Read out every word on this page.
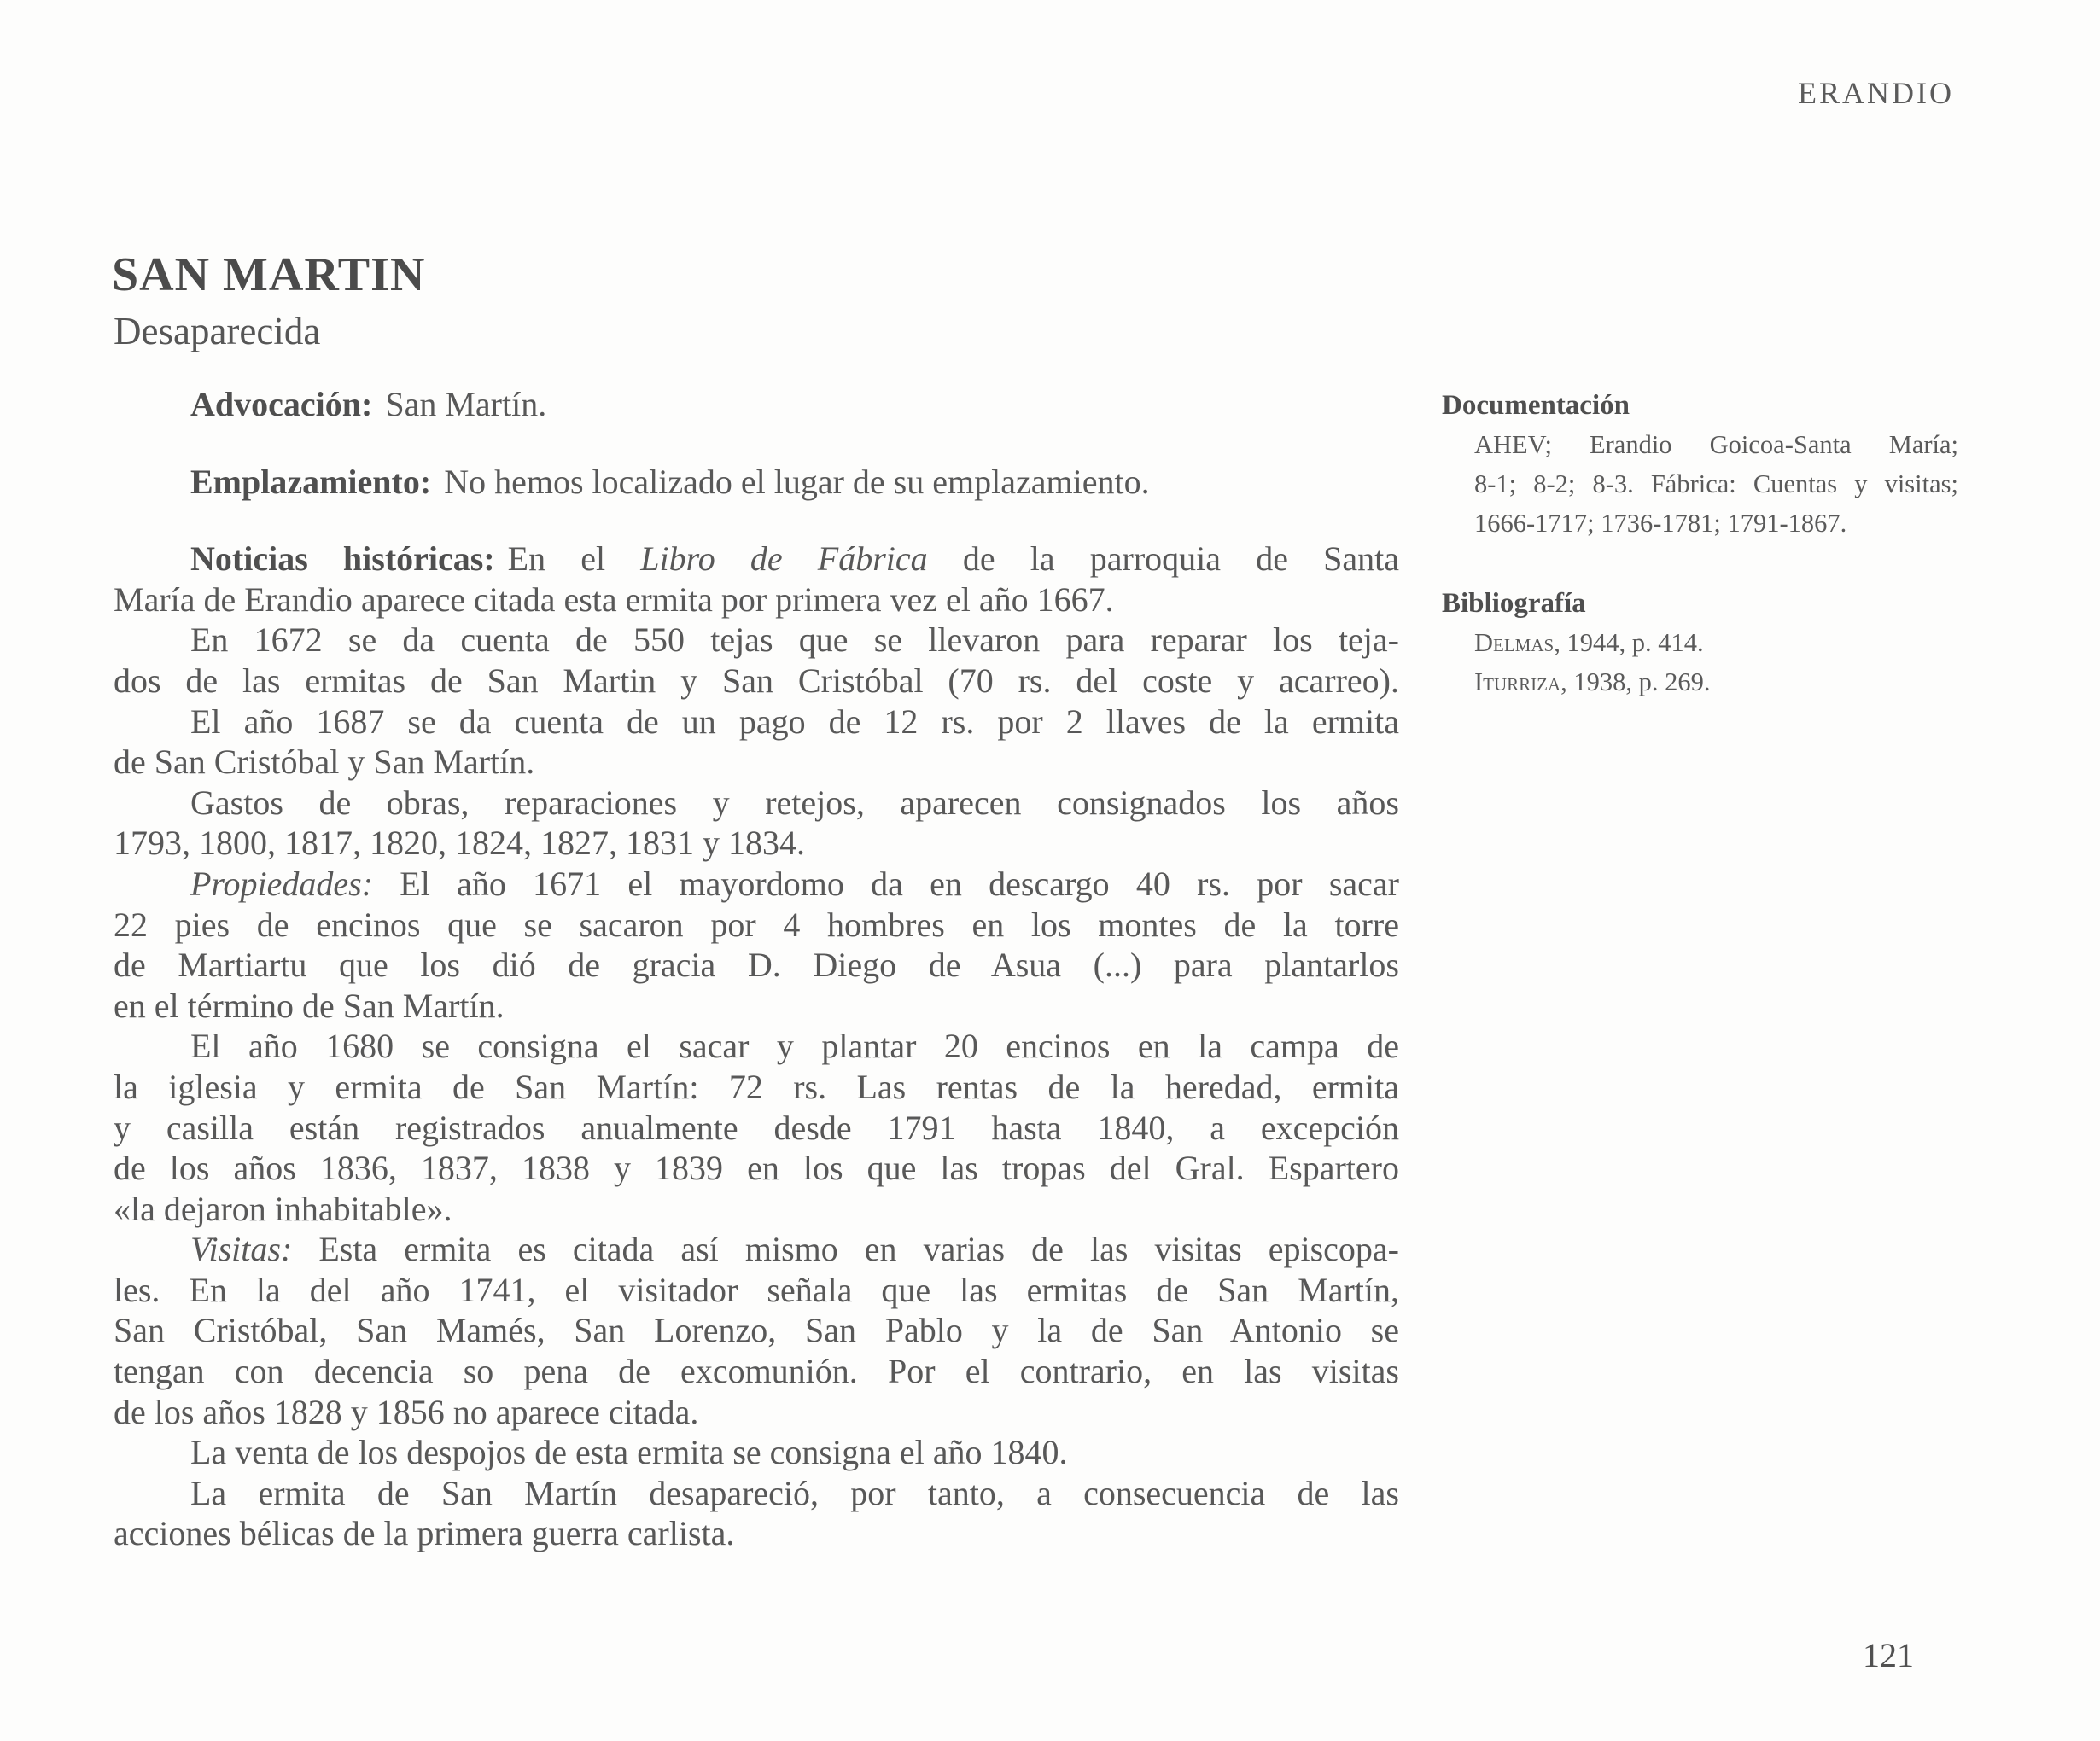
ERANDIO
SAN MARTIN
Desaparecida
Advocación: San Martín.
Emplazamiento: No hemos localizado el lugar de su emplazamiento.
Noticias históricas: En el Libro de Fábrica de la parroquia de Santa
María de Erandio aparece citada esta ermita por primera vez el año 1667.
En 1672 se da cuenta de 550 tejas que se llevaron para reparar los teja-
dos de las ermitas de San Martin y San Cristóbal (70 rs. del coste y acarreo).
El año 1687 se da cuenta de un pago de 12 rs. por 2 llaves de la ermita
de San Cristóbal y San Martín.
Gastos de obras, reparaciones y retejos, aparecen consignados los años
1793, 1800, 1817, 1820, 1824, 1827, 1831 y 1834.
Propiedades: El año 1671 el mayordomo da en descargo 40 rs. por sacar
22 pies de encinos que se sacaron por 4 hombres en los montes de la torre
de Martiartu que los dió de gracia D. Diego de Asua (...) para plantarlos
en el término de San Martín.
El año 1680 se consigna el sacar y plantar 20 encinos en la campa de
la iglesia y ermita de San Martín: 72 rs. Las rentas de la heredad, ermita
y casilla están registrados anualmente desde 1791 hasta 1840, a excepción
de los años 1836, 1837, 1838 y 1839 en los que las tropas del Gral. Espartero
«la dejaron inhabitable».
Visitas: Esta ermita es citada así mismo en varias de las visitas episcopa-
les. En la del año 1741, el visitador señala que las ermitas de San Martín,
San Cristóbal, San Mamés, San Lorenzo, San Pablo y la de San Antonio se
tengan con decencia so pena de excomunión. Por el contrario, en las visitas
de los años 1828 y 1856 no aparece citada.
La venta de los despojos de esta ermita se consigna el año 1840.
La ermita de San Martín desapareció, por tanto, a consecuencia de las
acciones bélicas de la primera guerra carlista.
Documentación
AHEV; Erandio Goicoa-Santa María;
8-1; 8-2; 8-3. Fábrica: Cuentas y visitas;
1666-1717; 1736-1781; 1791-1867.
Bibliografía
Delmas, 1944, p. 414.
Iturriza, 1938, p. 269.
121
